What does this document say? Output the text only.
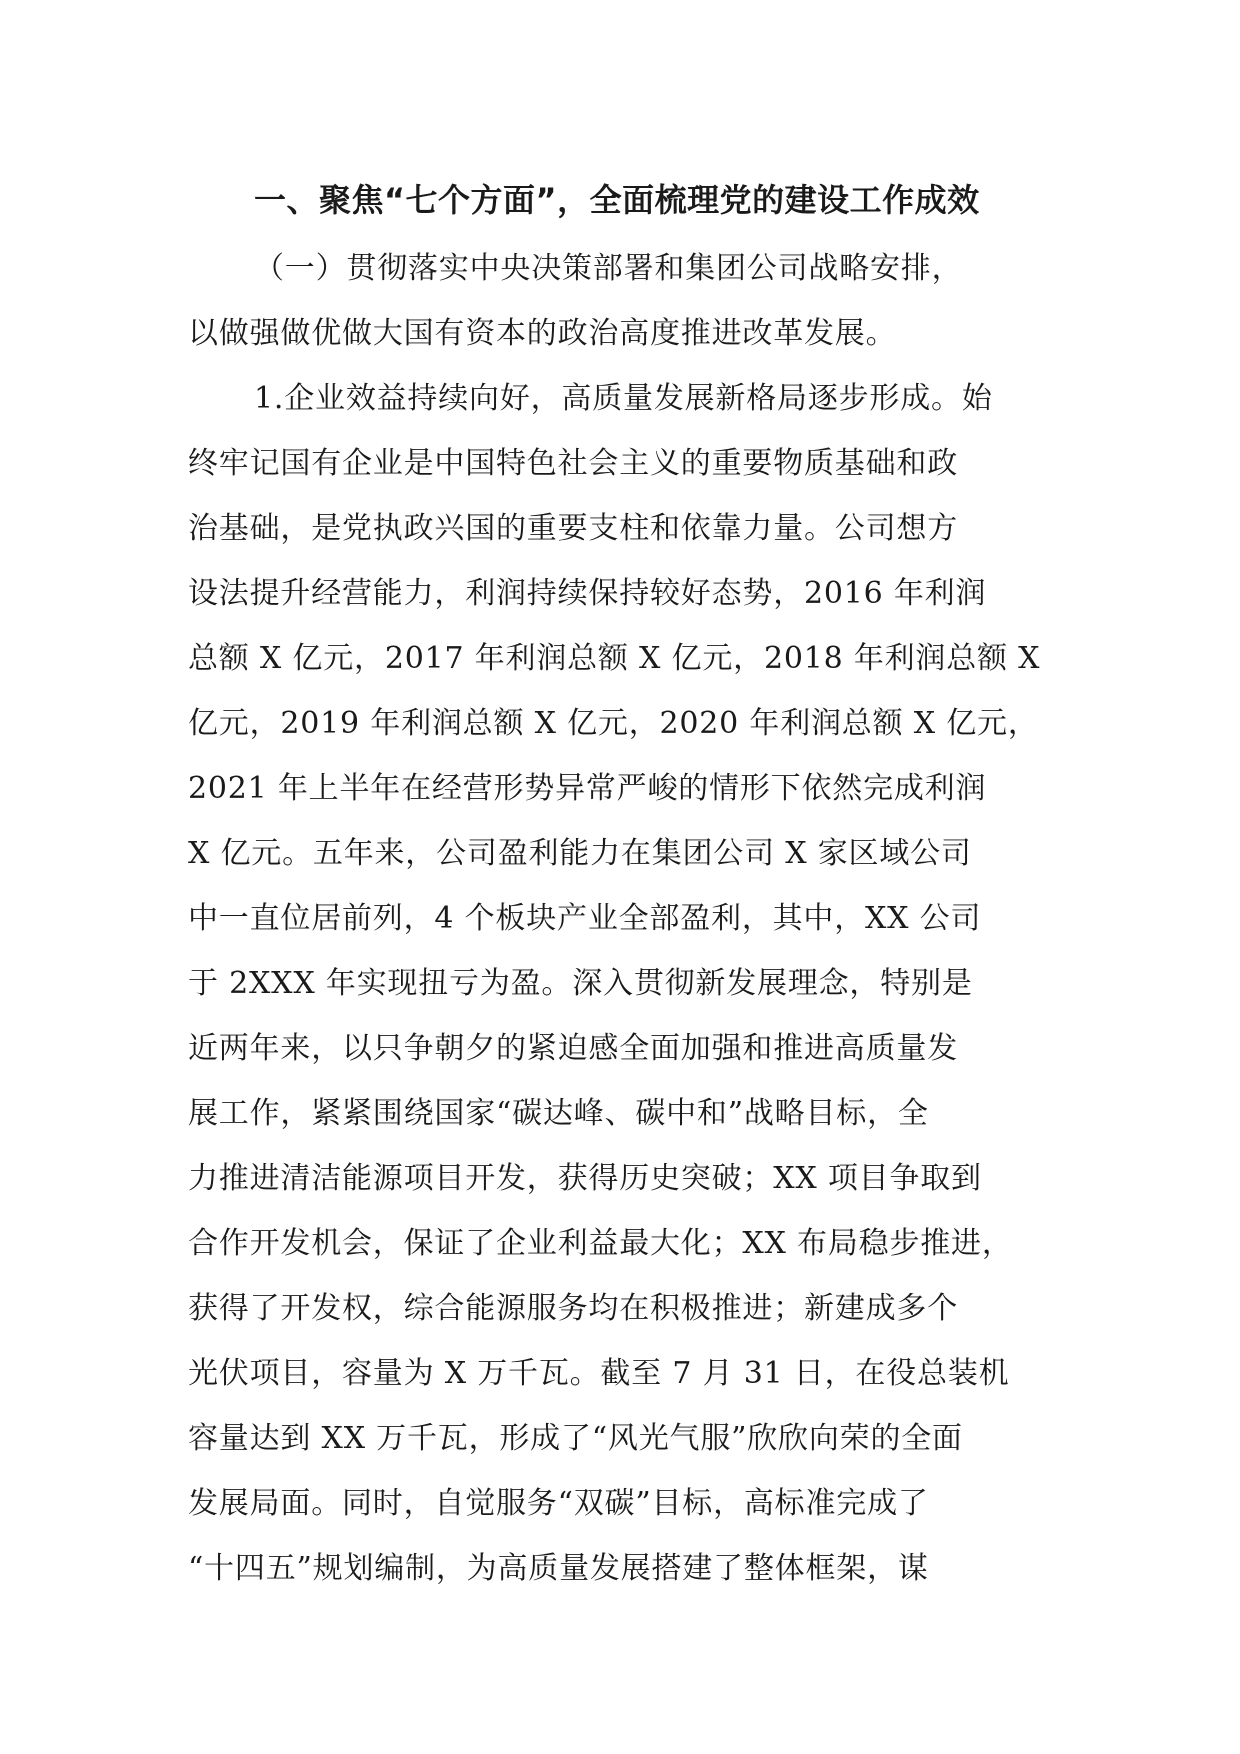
一、聚焦“七个方面”，全面梳理党的建设工作成效
（一）贯彻落实中央决策部署和集团公司战略安排，
以做强做优做大国有资本的政治高度推进改革发展。
1.企业效益持续向好，高质量发展新格局逐步形成。始
终牢记国有企业是中国特色社会主义的重要物质基础和政
治基础，是党执政兴国的重要支柱和依靠力量。公司想方
设法提升经营能力，利润持续保持较好态势，2016 年利润
总额 X 亿元，2017 年利润总额 X 亿元，2018 年利润总额 X
亿元，2019 年利润总额 X 亿元，2020 年利润总额 X 亿元，
2021 年上半年在经营形势异常严峻的情形下依然完成利润
X 亿元。五年来，公司盈利能力在集团公司 X 家区域公司
中一直位居前列，4 个板块产业全部盈利，其中，XX 公司
于 2XXX 年实现扭亏为盈。深入贯彻新发展理念，特别是
近两年来，以只争朝夕的紧迫感全面加强和推进高质量发
展工作，紧紧围绕国家“碳达峰、碳中和”战略目标，全
力推进清洁能源项目开发，获得历史突破；XX 项目争取到
合作开发机会，保证了企业利益最大化；XX 布局稳步推进，
获得了开发权，综合能源服务均在积极推进；新建成多个
光伏项目，容量为 X 万千瓦。截至 7 月 31 日，在役总装机
容量达到 XX 万千瓦，形成了“风光气服”欣欣向荣的全面
发展局面。同时，自觉服务“双碳”目标，高标准完成了
“十四五”规划编制，为高质量发展搭建了整体框架，谋
